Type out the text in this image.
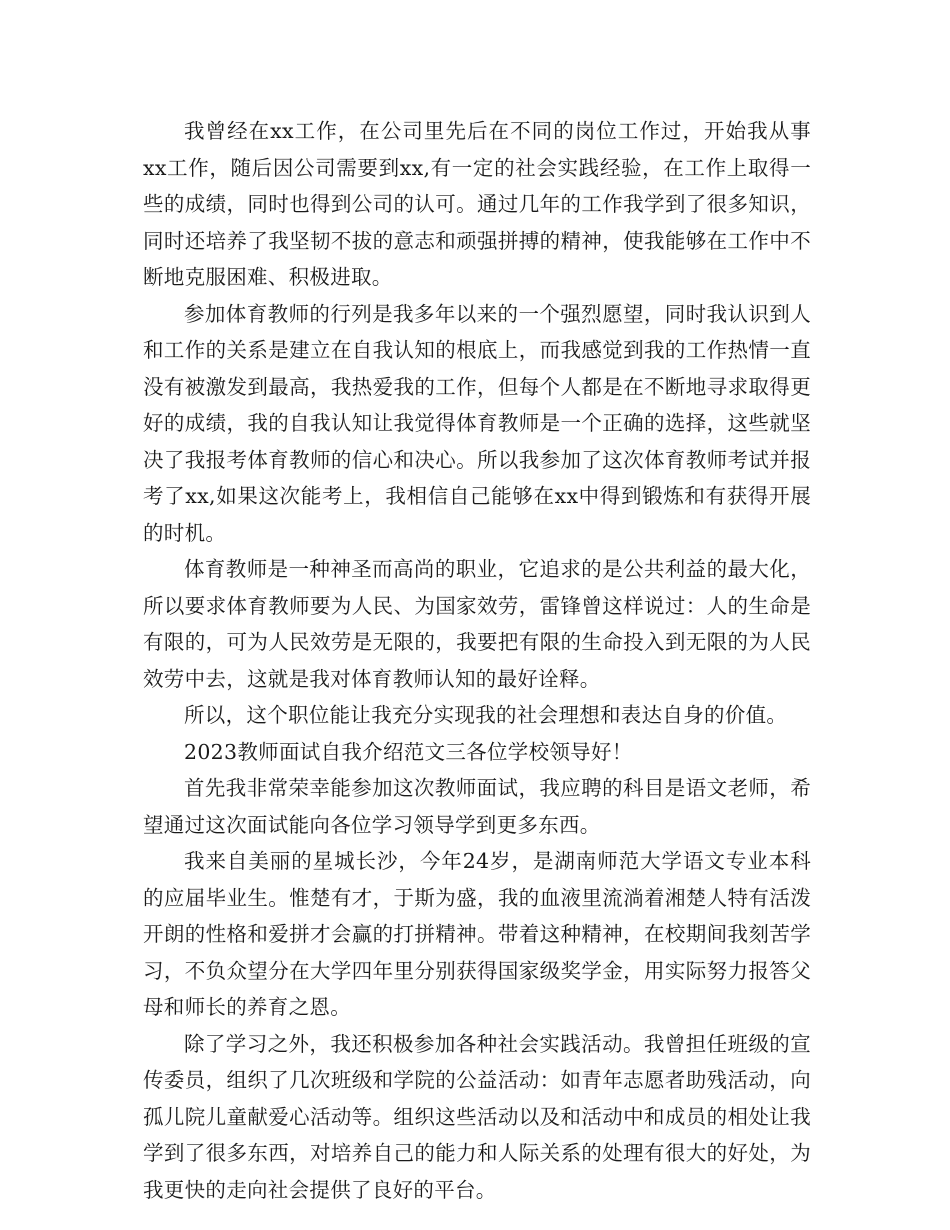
我曾经在xx工作，在公司里先后在不同的岗位工作过，开始我从事xx工作，随后因公司需要到xx,有一定的社会实践经验，在工作上取得一些的成绩，同时也得到公司的认可。通过几年的工作我学到了很多知识，同时还培养了我坚韧不拔的意志和顽强拼搏的精神，使我能够在工作中不断地克服困难、积极进取。

参加体育教师的行列是我多年以来的一个强烈愿望，同时我认识到人和工作的关系是建立在自我认知的根底上，而我感觉到我的工作热情一直没有被激发到最高，我热爱我的工作，但每个人都是在不断地寻求取得更好的成绩，我的自我认知让我觉得体育教师是一个正确的选择，这些就坚决了我报考体育教师的信心和决心。所以我参加了这次体育教师考试并报考了xx,如果这次能考上，我相信自己能够在xx中得到锻炼和有获得开展的时机。

体育教师是一种神圣而高尚的职业，它追求的是公共利益的最大化，所以要求体育教师要为人民、为国家效劳，雷锋曾这样说过：人的生命是有限的，可为人民效劳是无限的，我要把有限的生命投入到无限的为人民效劳中去，这就是我对体育教师认知的最好诠释。

所以，这个职位能让我充分实现我的社会理想和表达自身的价值。

2023教师面试自我介绍范文三各位学校领导好！

首先我非常荣幸能参加这次教师面试，我应聘的科目是语文老师，希望通过这次面试能向各位学习领导学到更多东西。

我来自美丽的星城长沙，今年24岁，是湖南师范大学语文专业本科的应届毕业生。惟楚有才，于斯为盛，我的血液里流淌着湘楚人特有活泼开朗的性格和爱拼才会赢的打拼精神。带着这种精神，在校期间我刻苦学习，不负众望分在大学四年里分别获得国家级奖学金，用实际努力报答父母和师长的养育之恩。

除了学习之外，我还积极参加各种社会实践活动。我曾担任班级的宣传委员，组织了几次班级和学院的公益活动：如青年志愿者助残活动，向孤儿院儿童献爱心活动等。组织这些活动以及和活动中和成员的相处让我学到了很多东西，对培养自己的能力和人际关系的处理有很大的好处，为我更快的走向社会提供了良好的平台。
